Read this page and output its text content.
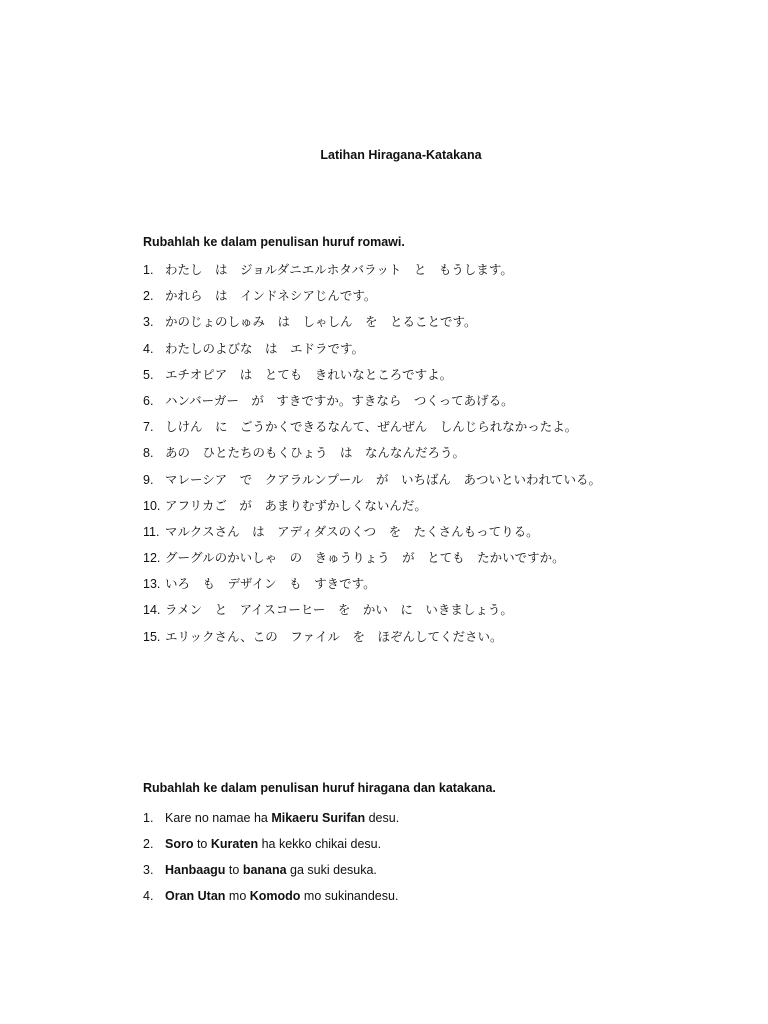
Latihan Hiragana-Katakana
Rubahlah ke dalam penulisan huruf romawi.
1. わたし　は　ジョルダニエルホタバラット　と　もうします。
2. かれら　は　インドネシアじんです。
3. かのじょのしゅみ　は　しゃしん　を　とることです。
4. わたしのよびな　は　エドラです。
5. エチオピア　は　とても　きれいなところですよ。
6. ハンバーガー　が　すきですか。すきなら　つくってあげる。
7. しけん　に　ごうかくできるなんて、ぜんぜん　しんじられなかったよ。
8. あの　ひとたちのもくひょう　は　なんなんだろう。
9. マレーシア　で　クアラルンプール　が　いちばん　あついといわれている。
10. アフリカご　が　あまりむずかしくないんだ。
11. マルクスさん　は　アディダスのくつ　を　たくさんもってりる。
12. グーグルのかいしゃ　の　きゅうりょう　が　とても　たかいですか。
13. いろ　も　デザイン　も　すきです。
14. ラメン　と　アイスコーヒー　を　かい　に　いきましょう。
15. エリックさん、この　ファイル　を　ほぞんしてください。
Rubahlah ke dalam penulisan huruf hiragana dan katakana.
1. Kare no namae ha Mikaeru Surifan desu.
2. Soro to Kuraten ha kekko chikai desu.
3. Hanbaagu to banana ga suki desuka.
4. Oran Utan mo Komodo mo sukinandesu.
